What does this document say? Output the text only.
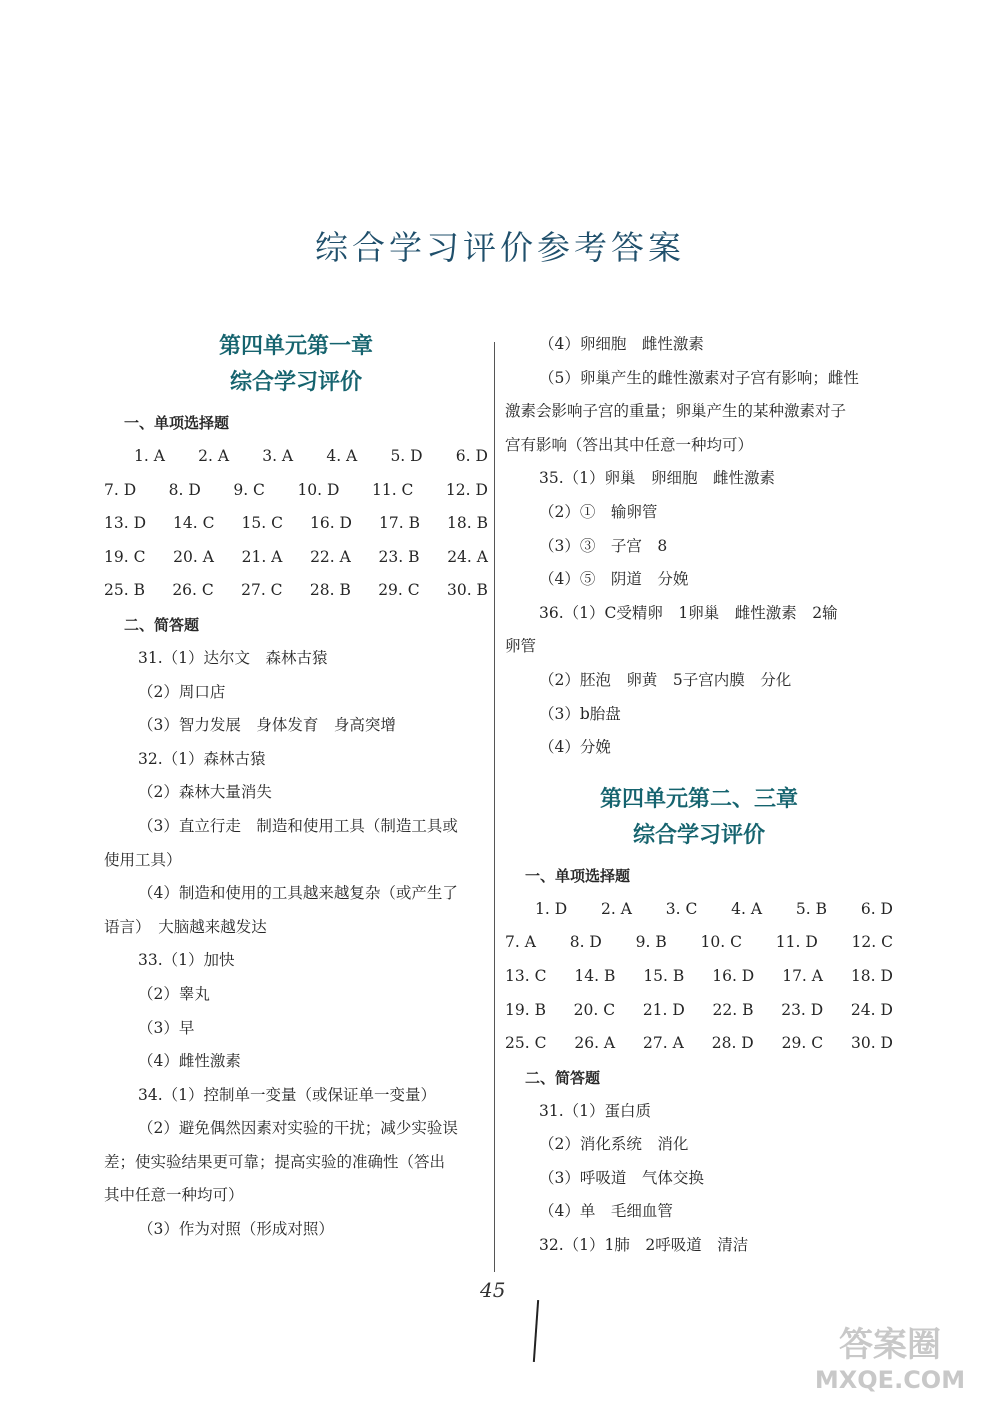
综合学习评价参考答案

第四单元第一章

综合学习评价

一、单项选择题

1. A 2. A 3. A 4. A 5. D 6. D
7. D 8. D 9. C 10. D 11. C 12. D
13. D 14. C 15. C 16. D 17. B 18. B
19. C 20. A 21. A 22. A 23. B 24. A
25. B 26. C 27. C 28. B 29. C 30. B

二、简答题

31.（1）达尔文　森林古猿

（2）周口店

（3）智力发展　身体发育　身高突增

32.（1）森林古猿

（2）森林大量消失

（3）直立行走　制造和使用工具（制造工具或

使用工具）

（4）制造和使用的工具越来越复杂（或产生了

语言）　大脑越来越发达

33.（1）加快

（2）睾丸

（3）早

（4）雌性激素

34.（1）控制单一变量（或保证单一变量）

（2）避免偶然因素对实验的干扰；减少实验误

差；使实验结果更可靠；提高实验的准确性（答出

其中任意一种均可）

（3）作为对照（形成对照）

（4）卵细胞　雌性激素

（5）卵巢产生的雌性激素对子宫有影响；雌性

激素会影响子宫的重量；卵巢产生的某种激素对子

宫有影响（答出其中任意一种均可）

35.（1）卵巢　卵细胞　雌性激素

（2）①　输卵管

（3）③　子宫　8

（4）⑤　阴道　分娩

36.（1）C受精卵　1卵巢　雌性激素　2输

卵管

（2）胚泡　卵黄　5子宫内膜　分化

（3）b胎盘

（4）分娩

第四单元第二、三章

综合学习评价

一、单项选择题

1. D 2. A 3. C 4. A 5. B 6. D
7. A 8. D 9. B 10. C 11. D 12. C
13. C 14. B 15. B 16. D 17. A 18. D
19. B 20. C 21. D 22. B 23. D 24. D
25. C 26. A 27. A 28. D 29. C 30. D

二、简答题

31.（1）蛋白质

（2）消化系统　消化

（3）呼吸道　气体交换

（4）单　毛细血管

32.（1）1肺　2呼吸道　清洁

45
答案圈
MXQE.COM
